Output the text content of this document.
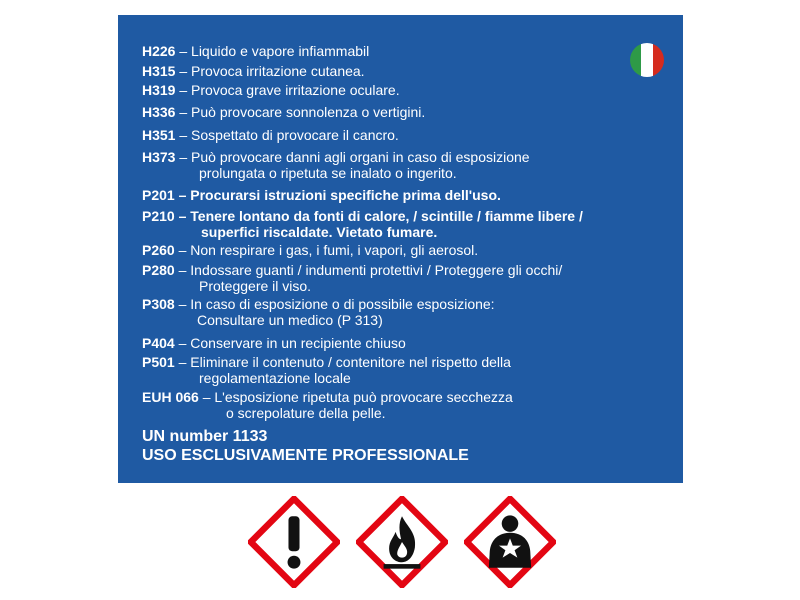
H226 – Liquido e vapore infiammabil
H315 – Provoca irritazione cutanea.
H319 – Provoca grave irritazione oculare.
H336 – Può provocare sonnolenza o vertigini.
H351 – Sospettato di provocare il cancro.
H373 – Può provocare danni agli organi in caso di esposizione
prolungata o ripetuta se inalato o ingerito.
P201 – Procurarsi istruzioni specifiche prima dell'uso.
P210 – Tenere lontano da fonti di calore, / scintille / fiamme libere /
superfici riscaldate. Vietato fumare.
P260 – Non respirare i gas, i fumi, i vapori, gli aerosol.
P280 – Indossare guanti / indumenti protettivi / Proteggere gli occhi/
Proteggere il viso.
P308 – In caso di esposizione o di possibile esposizione:
Consultare un medico (P 313)
P404 – Conservare in un recipiente chiuso
P501 – Eliminare il contenuto / contenitore nel rispetto della
regolamentazione locale
EUH 066 – L'esposizione ripetuta può provocare secchezza
o screpolature della pelle.
UN number 1133
USO ESCLUSIVAMENTE PROFESSIONALE
